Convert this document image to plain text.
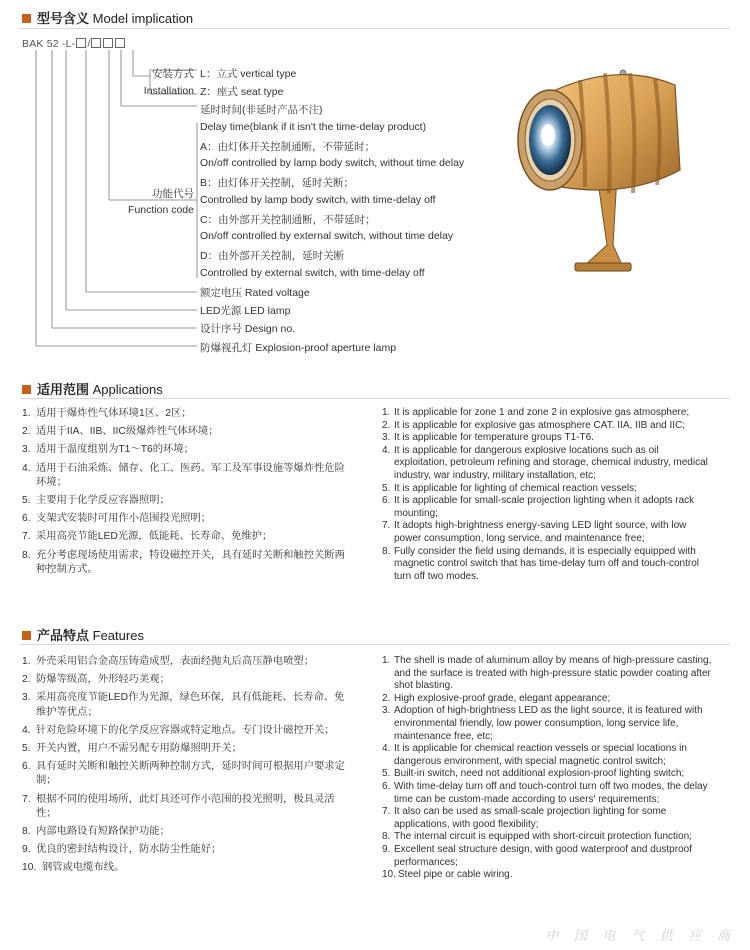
型号含义 Model implication
BAK 52 -L- /
安装方式
Installation
功能代号
Function code
L：立式 vertical type
Z：座式 seat type
延时时间(非延时产品不注)
Delay time(blank if it isn't the time-delay product)
A：由灯体开关控制通断，不带延时；
On/off controlled by lamp body switch, without time delay
B：由灯体开关控制，延时关断；
Controlled by lamp body switch, with time-delay off
C：由外部开关控制通断，不带延时；
On/off controlled by external switch, without time delay
D：由外部开关控制，延时关断
Controlled by external switch, with time-delay off
额定电压 Rated voltage
LED光源 LED lamp
设计序号 Design no.
防爆视孔灯 Explosion-proof aperture lamp
适用范围 Applications
1. 适用于爆炸性气体环境1区、2区；
2. 适用于IIA、IIB、IIC级爆炸性气体环境；
3. 适用于温度组别为T1～T6的环境；
4. 适用于石油采炼、储存、化工、医药、军工及军事设施等爆炸性危险环境；
5. 主要用于化学反应容器照明；
6. 支架式安装时可用作小范围投光照明；
7. 采用高亮节能LED光源，低能耗、长寿命、免维护；
8. 充分考虑现场使用需求，特设磁控开关，具有延时关断和触控关断两种控制方式。
1. It is applicable for zone 1 and zone 2 in explosive gas atmosphere;
2. It is applicable for explosive gas atmosphere CAT. IIA, IIB and IIC;
3. It is applicable for temperature groups T1-T6.
4. It is applicable for dangerous explosive locations such as oil exploitation, petroleum refining and storage, chemical industry, medical industry, war industry, military installation, etc;
5. It is applicable for lighting of chemical reaction vessels;
6. It is applicable for small-scale projection lighting when it adopts rack mounting;
7. It adopts high-brightness energy-saving LED light source, with low power consumption, long service, and maintenance free;
8. Fully consider the field using demands, it is especially equipped with magnetic control switch that has time-delay turn off and touch-control turn off two modes.
产品特点 Features
1. 外壳采用铝合金高压铸造成型，表面经抛丸后高压静电喷塑；
2. 防爆等级高，外形轻巧美观；
3. 采用高亮度节能LED作为光源，绿色环保，具有低能耗、长寿命、免维护等优点；
4. 针对危险环境下的化学反应容器或特定地点。专门设计磁控开关；
5. 开关内置，用户不需另配专用防爆照明开关；
6. 具有延时关断和触控关断两种控制方式，延时时间可根据用户要求定制；
7. 根据不同的使用场所，此灯具还可作小范围的投光照明，极具灵活性；
8. 内部电路设有短路保护功能；
9. 优良的密封结构设计，防水防尘性能好；
10. 钢管或电缆布线。
1. The shell is made of aluminum alloy by means of high-pressure casting, and the surface is treated with high-pressure static powder coating after shot blasting.
2. High explosive-proof grade, elegant appearance;
3. Adoption of high-brightness LED as the light source, it is featured with environmental friendly, low power consumption, long service life, maintenance free, etc;
4. It is applicable for chemical reaction vessels or special locations in dangerous environment, with special magnetic control switch;
5. Built-in switch, need not additional explosion-proof lighting switch;
6. With time-delay turn off and touch-control turn off two modes, the delay time can be custom-made according to users' requirements;
7. It also can be used as small-scale projection lighting for some applications, with good flexibility;
8. The internal circuit is equipped with short-circuit protection function;
9. Excellent seal structure design, with good waterproof and dustproof performances;
10. Steel pipe or cable wiring.
中 国 电 气 供 应 商
